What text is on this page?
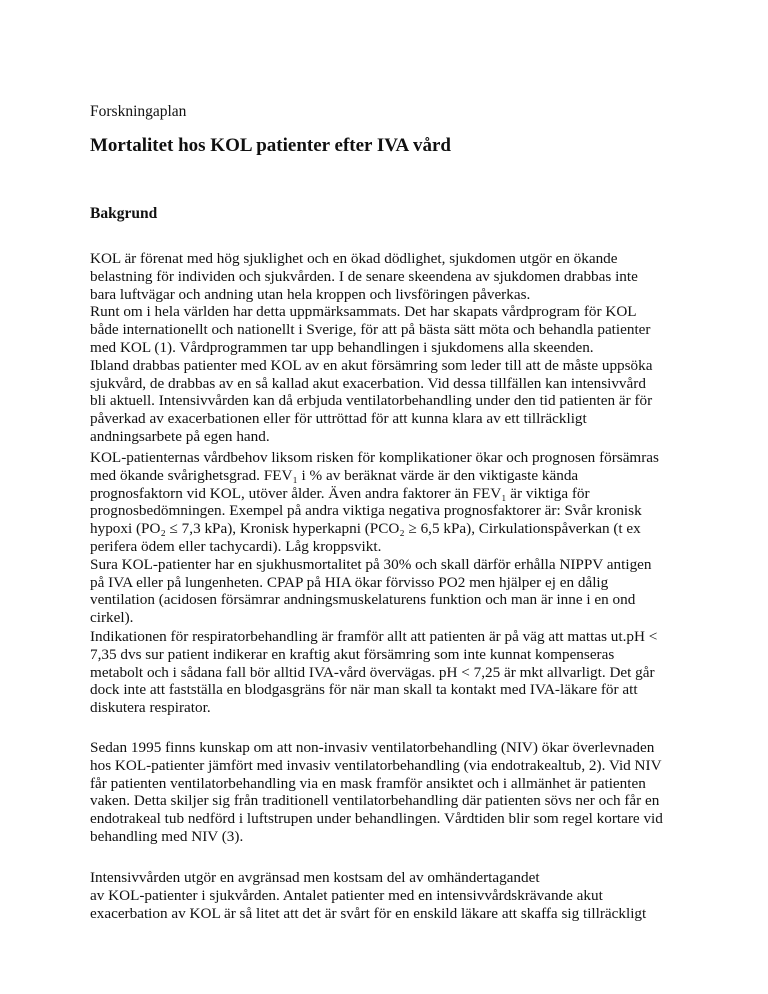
Forskningaplan
Mortalitet hos KOL patienter efter IVA vård
Bakgrund
KOL är förenat med hög sjuklighet och en ökad dödlighet, sjukdomen utgör en ökande
belastning för individen och sjukvården. I de senare skeendena av sjukdomen drabbas inte
bara luftvägar och andning utan hela kroppen och livsföringen påverkas.
Runt om i hela världen har detta uppmärksammats. Det har skapats vårdprogram för KOL
både internationellt och nationellt i Sverige, för att på bästa sätt möta och behandla patienter
med KOL (1). Vårdprogrammen tar upp behandlingen i sjukdomens alla skeenden.
Ibland drabbas patienter med KOL av en akut försämring som leder till att de måste uppsöka
sjukvård, de drabbas av en så kallad akut exacerbation. Vid dessa tillfällen kan intensivvård
bli aktuell. Intensivvården kan då erbjuda ventilatorbehandling under den tid patienten är för
påverkad av exacerbationen eller för uttröttad för att kunna klara av ett tillräckligt
andningsarbete på egen hand.
KOL-patienternas vårdbehov liksom risken för komplikationer ökar och prognosen försämras
med ökande svårighetsgrad. FEV₁ i % av beräknat värde är den viktigaste kända
prognosfaktorn vid KOL, utöver ålder. Även andra faktorer än FEV₁ är viktiga för
prognosbedömningen. Exempel på andra viktiga negativa prognosfaktorer är: Svår kronisk
hypoxi (PO₂ ≤ 7,3 kPa), Kronisk hyperkapni (PCO₂ ≥ 6,5 kPa), Cirkulationspåverkan (t ex
perifera ödem eller tachycardi). Låg kroppsvikt.
Sura KOL-patienter har en sjukhusmortalitet på 30% och skall därför erhålla NIPPV antigen
på IVA eller på lungenheten. CPAP på HIA ökar förvisso PO2 men hjälper ej en dålig
ventilation (acidosen försämrar andningsmuskelaturens funktion och man är inne i en ond
cirkel).
Indikationen för respiratorbehandling är framför allt att patienten är på väg att mattas ut.pH <
7,35 dvs sur patient indikerar en kraftig akut försämring som inte kunnat kompenseras
metabolt och i sådana fall bör alltid IVA-vård övervägas. pH < 7,25 är mkt allvarligt. Det går
dock inte att fastställa en blodgasgräns för när man skall ta kontakt med IVA-läkare för att
diskutera respirator.
Sedan 1995 finns kunskap om att non-invasiv ventilatorbehandling (NIV) ökar överlevnaden
hos KOL-patienter jämfört med invasiv ventilatorbehandling (via endotrakealtub, 2). Vid NIV
får patienten ventilatorbehandling via en mask framför ansiktet och i allmänhet är patienten
vaken. Detta skiljer sig från traditionell ventilatorbehandling där patienten sövs ner och får en
endotrakeal tub nedförd i luftstrupen under behandlingen. Vårdtiden blir som regel kortare vid
behandling med NIV (3).
Intensivvården utgör en avgränsad men kostsam del av omhändertagandet
av KOL-patienter i sjukvården. Antalet patienter med en intensivvårdskrävande akut
exacerbation av KOL är så litet att det är svårt för en enskild läkare att skaffa sig tillräckligt
